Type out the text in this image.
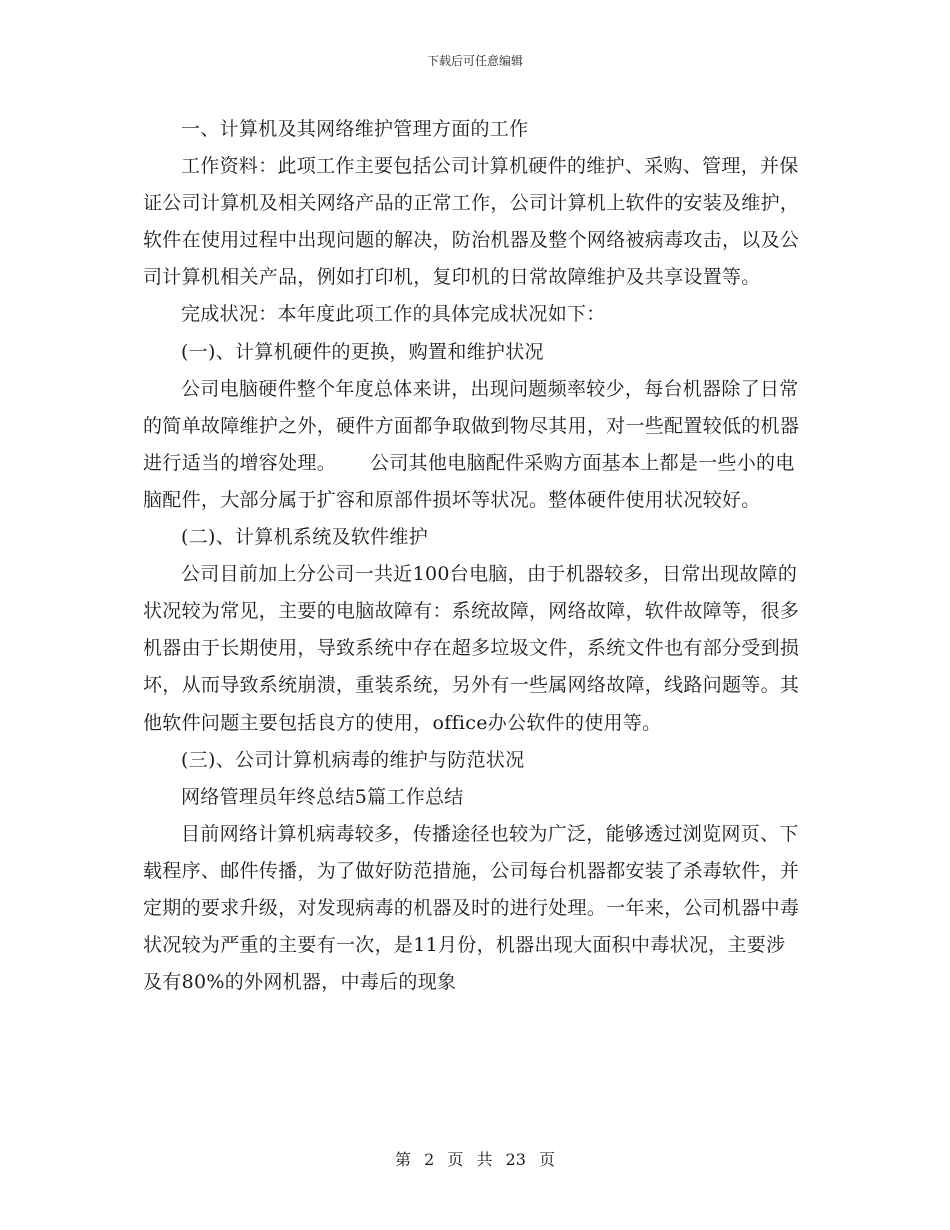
下载后可任意编辑

一、计算机及其网络维护管理方面的工作

工作资料：此项工作主要包括公司计算机硬件的维护、采购、管理，并保证公司计算机及相关网络产品的正常工作，公司计算机上软件的安装及维护，软件在使用过程中出现问题的解决，防治机器及整个网络被病毒攻击，以及公司计算机相关产品，例如打印机，复印机的日常故障维护及共享设置等。

完成状况：本年度此项工作的具体完成状况如下：

(一)、计算机硬件的更换，购置和维护状况

公司电脑硬件整个年度总体来讲，出现问题频率较少，每台机器除了日常的简单故障维护之外，硬件方面都争取做到物尽其用，对一些配置较低的机器进行适当的增容处理。 公司其他电脑配件采购方面基本上都是一些小的电脑配件，大部分属于扩容和原部件损坏等状况。整体硬件使用状况较好。

(二)、计算机系统及软件维护

公司目前加上分公司一共近100台电脑，由于机器较多，日常出现故障的状况较为常见，主要的电脑故障有：系统故障，网络故障，软件故障等，很多机器由于长期使用，导致系统中存在超多垃圾文件，系统文件也有部分受到损坏，从而导致系统崩溃，重装系统，另外有一些属网络故障，线路问题等。其他软件问题主要包括良方的使用，office办公软件的使用等。

(三)、公司计算机病毒的维护与防范状况

网络管理员年终总结5篇工作总结

目前网络计算机病毒较多，传播途径也较为广泛，能够透过浏览网页、下载程序、邮件传播，为了做好防范措施，公司每台机器都安装了杀毒软件，并定期的要求升级，对发现病毒的机器及时的进行处理。一年来，公司机器中毒状况较为严重的主要有一次，是11月份，机器出现大面积中毒状况，主要涉及有80%的外网机器，中毒后的现象

第 2 页 共 23 页
